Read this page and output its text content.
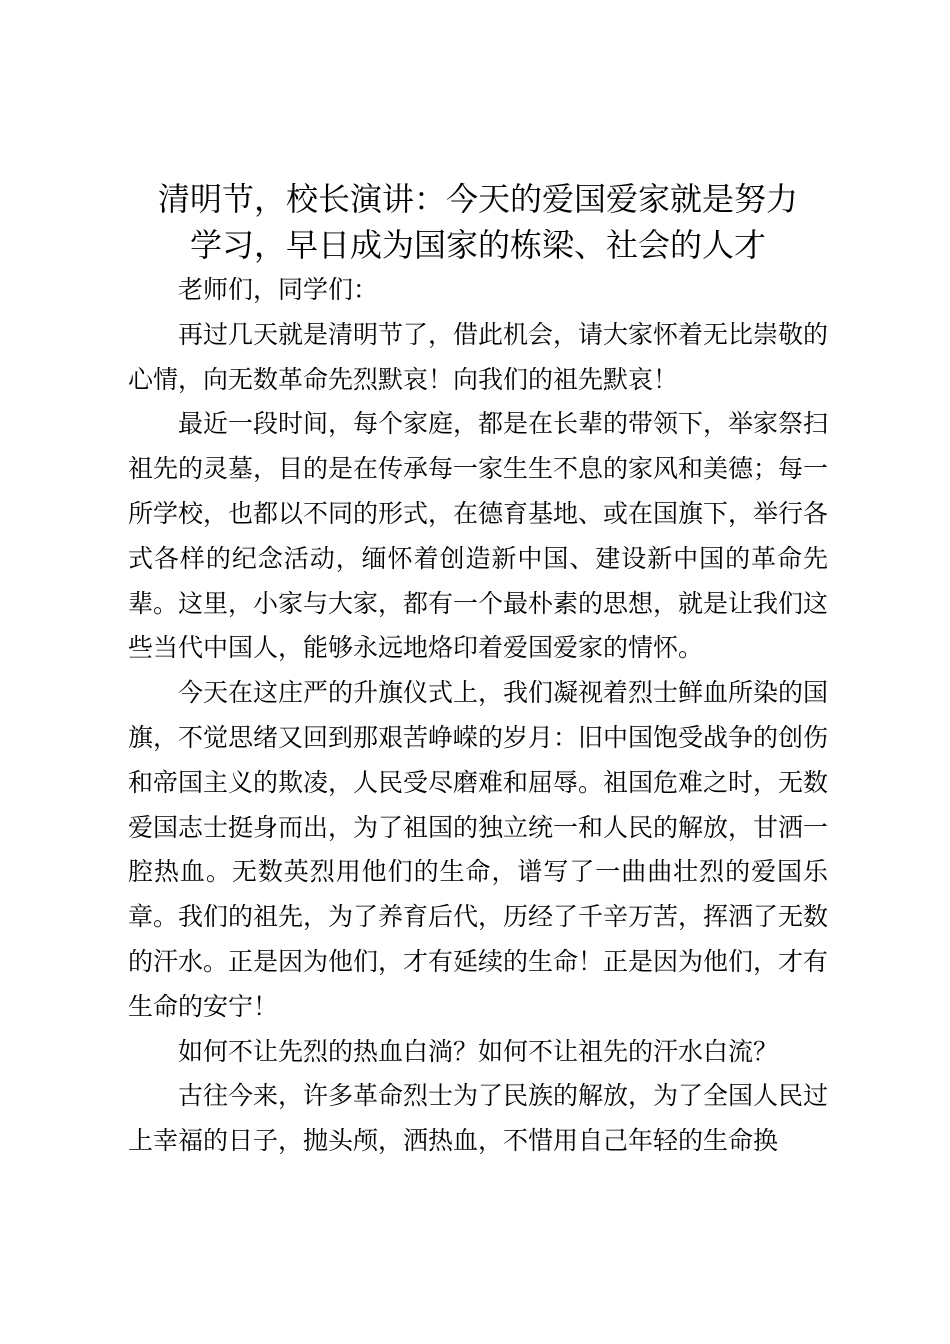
清明节，校长演讲：今天的爱国爱家就是努力
学习，早日成为国家的栋梁、社会的人才

老师们，同学们：

再过几天就是清明节了，借此机会，请大家怀着无比崇敬的心情，向无数革命先烈默哀！向我们的祖先默哀！

最近一段时间，每个家庭，都是在长辈的带领下，举家祭扫祖先的灵墓，目的是在传承每一家生生不息的家风和美德；每一所学校，也都以不同的形式，在德育基地、或在国旗下，举行各式各样的纪念活动，缅怀着创造新中国、建设新中国的革命先辈。这里，小家与大家，都有一个最朴素的思想，就是让我们这些当代中国人，能够永远地烙印着爱国爱家的情怀。

今天在这庄严的升旗仪式上，我们凝视着烈士鲜血所染的国旗，不觉思绪又回到那艰苦峥嵘的岁月：旧中国饱受战争的创伤和帝国主义的欺凌，人民受尽磨难和屈辱。祖国危难之时，无数爱国志士挺身而出，为了祖国的独立统一和人民的解放，甘洒一腔热血。无数英烈用他们的生命，谱写了一曲曲壮烈的爱国乐章。我们的祖先，为了养育后代，历经了千辛万苦，挥洒了无数的汗水。正是因为他们，才有延续的生命！正是因为他们，才有生命的安宁！

如何不让先烈的热血白淌？如何不让祖先的汗水白流？

古往今来，许多革命烈士为了民族的解放，为了全国人民过上幸福的日子，抛头颅，洒热血，不惜用自己年轻的生命换
